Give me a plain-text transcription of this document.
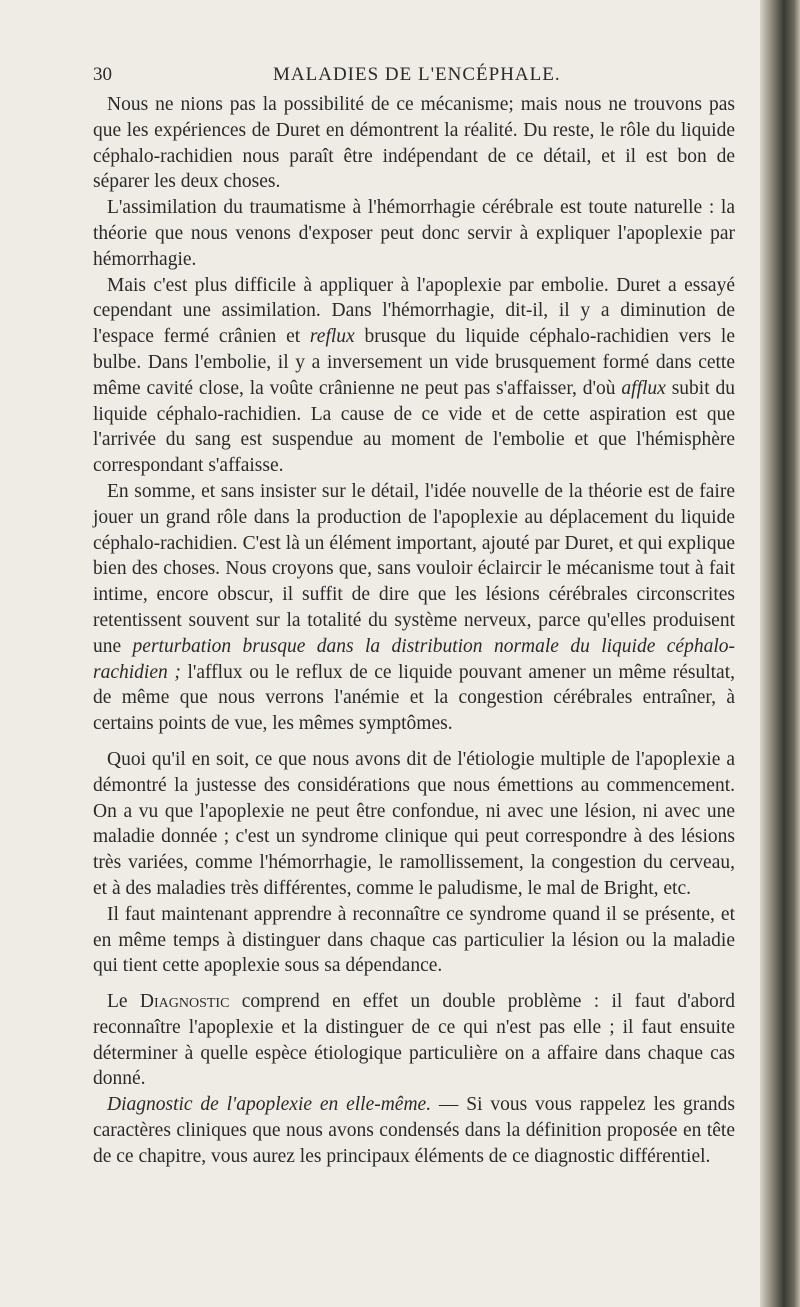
30	MALADIES DE L'ENCÉPHALE.

Nous ne nions pas la possibilité de ce mécanisme; mais nous ne trouvons pas que les expériences de Duret en démontrent la réalité. Du reste, le rôle du liquide céphalo-rachidien nous paraît être indépendant de ce détail, et il est bon de séparer les deux choses.

L'assimilation du traumatisme à l'hémorrhagie cérébrale est toute naturelle : la théorie que nous venons d'exposer peut donc servir à expliquer l'apoplexie par hémorrhagie.

Mais c'est plus difficile à appliquer à l'apoplexie par embolie. Duret a essayé cependant une assimilation. Dans l'hémorrhagie, dit-il, il y a diminution de l'espace fermé crânien et reflux brusque du liquide céphalo-rachidien vers le bulbe. Dans l'embolie, il y a inversement un vide brusquement formé dans cette même cavité close, la voûte crânienne ne peut pas s'affaisser, d'où afflux subit du liquide céphalo-rachidien. La cause de ce vide et de cette aspiration est que l'arrivée du sang est suspendue au moment de l'embolie et que l'hémisphère correspondant s'affaisse.

En somme, et sans insister sur le détail, l'idée nouvelle de la théorie est de faire jouer un grand rôle dans la production de l'apoplexie au déplacement du liquide céphalo-rachidien. C'est là un élément important, ajouté par Duret, et qui explique bien des choses. Nous croyons que, sans vouloir éclaircir le mécanisme tout à fait intime, encore obscur, il suffit de dire que les lésions cérébrales circonscrites retentissent souvent sur la totalité du système nerveux, parce qu'elles produisent une perturbation brusque dans la distribution normale du liquide céphalo-rachidien ; l'afflux ou le reflux de ce liquide pouvant amener un même résultat, de même que nous verrons l'anémie et la congestion cérébrales entraîner, à certains points de vue, les mêmes symptômes.

Quoi qu'il en soit, ce que nous avons dit de l'étiologie multiple de l'apoplexie a démontré la justesse des considérations que nous émettions au commencement. On a vu que l'apoplexie ne peut être confondue, ni avec une lésion, ni avec une maladie donnée ; c'est un syndrome clinique qui peut correspondre à des lésions très variées, comme l'hémorrhagie, le ramollissement, la congestion du cerveau, et à des maladies très différentes, comme le paludisme, le mal de Bright, etc.

Il faut maintenant apprendre à reconnaître ce syndrome quand il se présente, et en même temps à distinguer dans chaque cas particulier la lésion ou la maladie qui tient cette apoplexie sous sa dépendance.

Le Diagnostic comprend en effet un double problème : il faut d'abord reconnaître l'apoplexie et la distinguer de ce qui n'est pas elle ; il faut ensuite déterminer à quelle espèce étiologique particulière on a affaire dans chaque cas donné.

Diagnostic de l'apoplexie en elle-même. — Si vous vous rappelez les grands caractères cliniques que nous avons condensés dans la définition proposée en tête de ce chapitre, vous aurez les principaux éléments de ce diagnostic différentiel.
